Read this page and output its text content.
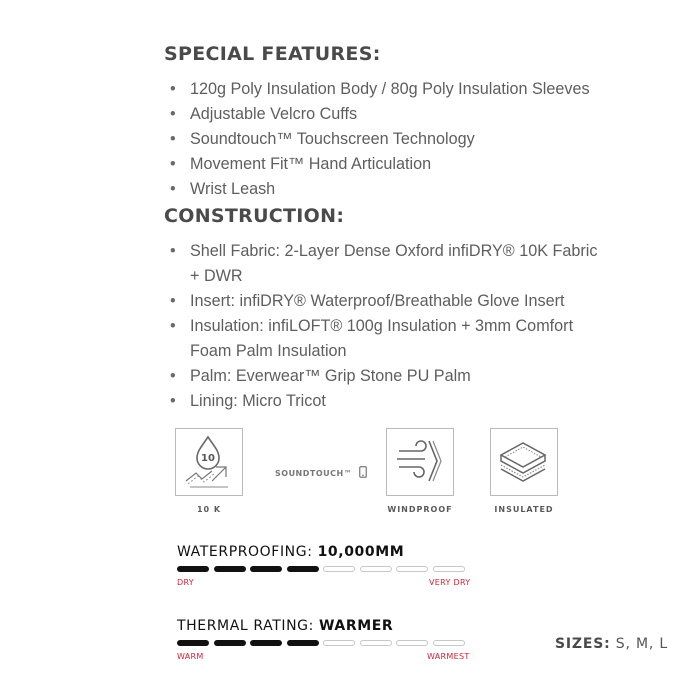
SPECIAL FEATURES:
• 120g Poly Insulation Body / 80g Poly Insulation Sleeves
• Adjustable Velcro Cuffs
• Soundtouch™ Touchscreen Technology
• Movement Fit™ Hand Articulation
• Wrist Leash
CONSTRUCTION:
• Shell Fabric: 2-Layer Dense Oxford infiDRY® 10K Fabric + DWR
• Insert: infiDRY® Waterproof/Breathable Glove Insert
• Insulation: infiLOFT® 100g Insulation + 3mm Comfort Foam Palm Insulation
• Palm: Everwear™ Grip Stone PU Palm
• Lining: Micro Tricot
10
10 K
SOUNDTOUCH™
WINDPROOF	INSULATED
WATERPROOFING: 10,000MM
DRY	VERY DRY
THERMAL RATING: WARMER
WARM	WARMEST
SIZES: S, M, L
